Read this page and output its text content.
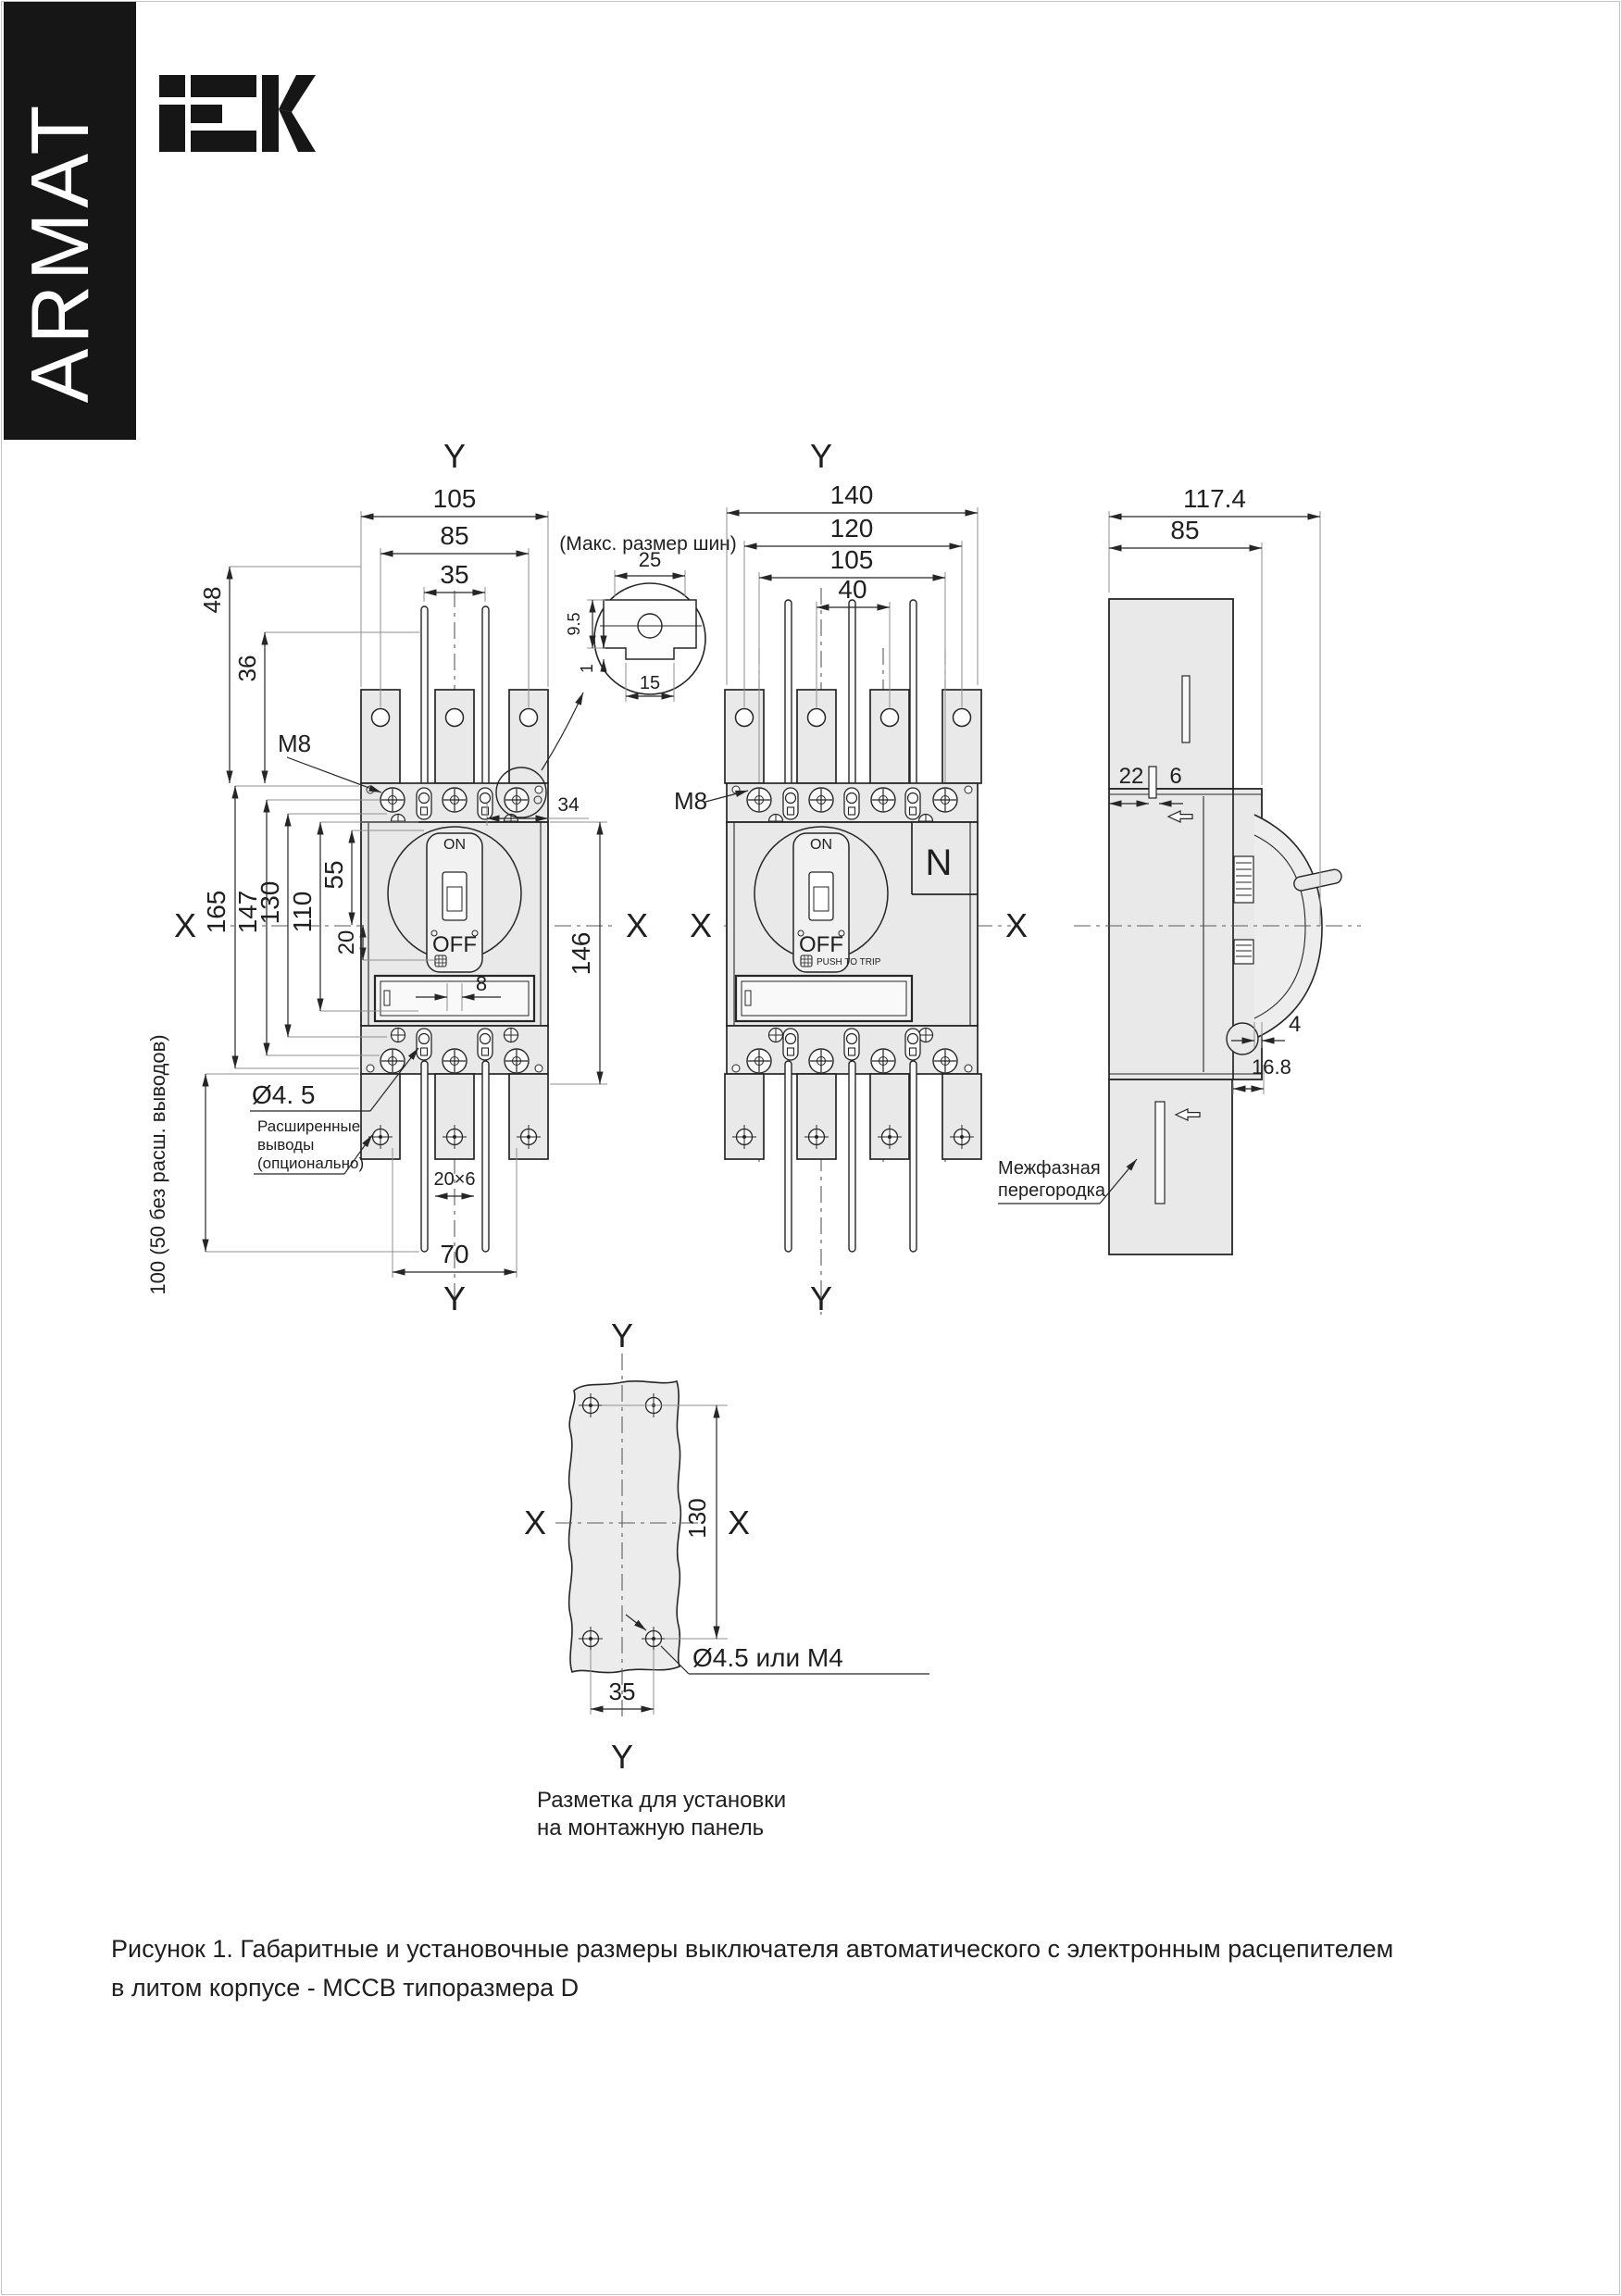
ARMAT
ON
OFF
105
85
35
48
36
M8
34
165 147
130 110
55
20
8
146
X	X
Y
Y
Ø4. 5
Расширенные
выводы
(опционально)
100 (50 без расш. выводов)	20×6
70
(Макс. размер шин)
25
9.5
1
15
ON
OFF
PUSH TO TRIP
N
140
120
105
40
M8
X	X
Y
Y
117.4
85
22 6
4
16.8
Межфазная
перегородка
130
35
Ø4.5 или M4
Y
Y
X	X
Разметка для установки
на монтажную панель
Рисунок 1. Габаритные и установочные размеры выключателя автоматического с электронным расцепителем
в литом корпусе - MCCB типоразмера D
